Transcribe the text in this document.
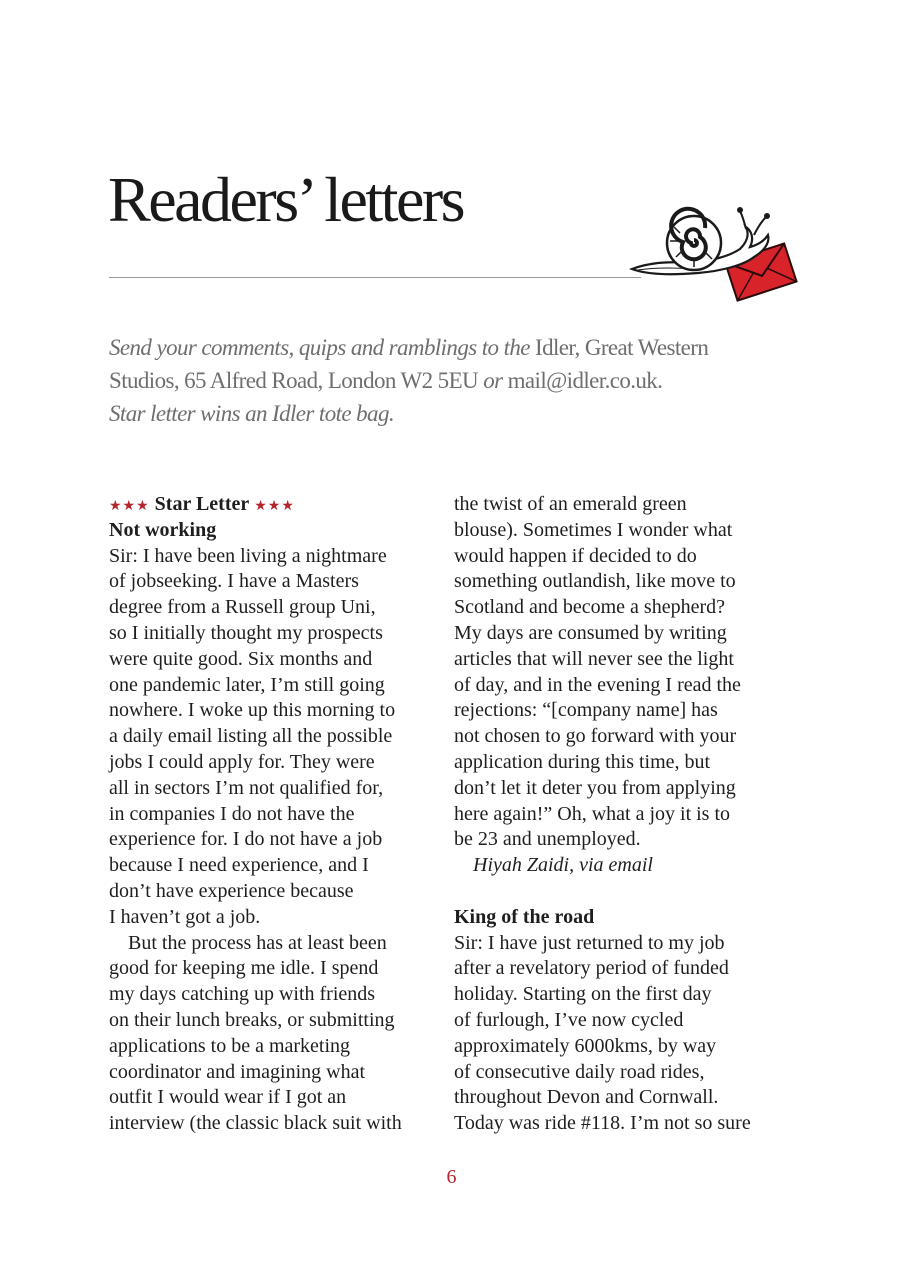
Readers’ letters

Send your comments, quips and ramblings to the Idler, Great Western

Studios, 65 Alfred Road, London W2 5EU or mail@idler.co.uk.

Star letter wins an Idler tote bag.

★★★ Star Letter ★★★
Not working
Sir: I have been living a nightmare
of jobseeking. I have a Masters
degree from a Russell group Uni,
so I initially thought my prospects
were quite good. Six months and
one pandemic later, I’m still going
nowhere. I woke up this morning to
a daily email listing all the possible
jobs I could apply for. They were
all in sectors I’m not qualified for,
in companies I do not have the
experience for. I do not have a job
because I need experience, and I
don’t have experience because
I haven’t got a job.
But the process has at least been
good for keeping me idle. I spend
my days catching up with friends
on their lunch breaks, or submitting
applications to be a marketing
coordinator and imagining what
outfit I would wear if I got an
interview (the classic black suit with
the twist of an emerald green
blouse). Sometimes I wonder what
would happen if decided to do
something outlandish, like move to
Scotland and become a shepherd?
My days are consumed by writing
articles that will never see the light
of day, and in the evening I read the
rejections: “[company name] has
not chosen to go forward with your
application during this time, but
don’t let it deter you from applying
here again!” Oh, what a joy it is to
be 23 and unemployed.
Hiyah Zaidi, via email
King of the road
Sir: I have just returned to my job
after a revelatory period of funded
holiday. Starting on the first day
of furlough, I’ve now cycled
approximately 6000kms, by way
of consecutive daily road rides,
throughout Devon and Cornwall.
Today was ride #118. I’m not so sure
6
